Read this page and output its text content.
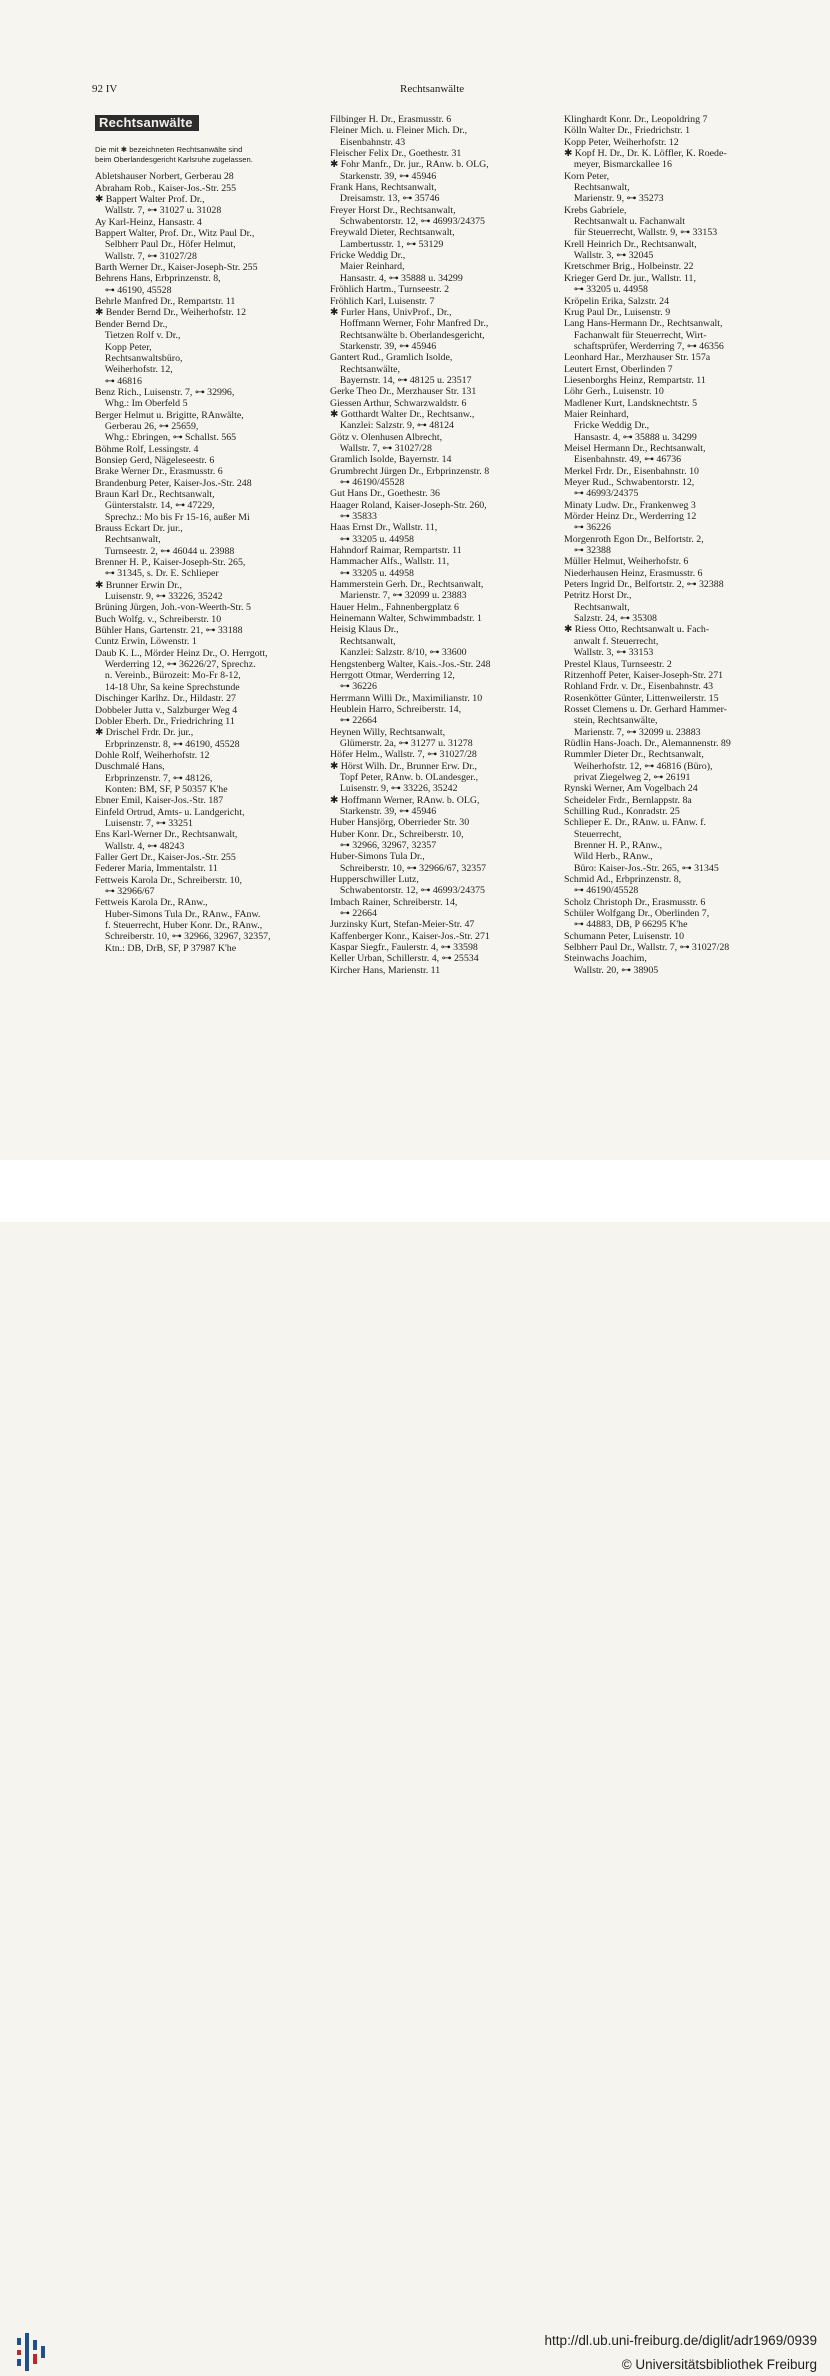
92 IV	Rechtsanwälte
Rechtsanwälte
Die mit ✱ bezeichneten Rechtsanwälte sind
beim Oberlandesgericht Karlsruhe zugelassen.
Abletshauser Norbert, Gerberau 28
Abraham Rob., Kaiser-Jos.-Str. 255
✱ Bappert Walter Prof. Dr.,
Wallstr. 7, ⊶ 31027 u. 31028
Ay Karl-Heinz, Hansastr. 4
Bappert Walter, Prof. Dr., Witz Paul Dr.,
Selbherr Paul Dr., Höfer Helmut,
Wallstr. 7, ⊶ 31027/28
Barth Werner Dr., Kaiser-Joseph-Str. 255
Behrens Hans, Erbprinzenstr. 8,
⊶ 46190, 45528
Behrle Manfred Dr., Rempartstr. 11
✱ Bender Bernd Dr., Weiherhofstr. 12
Bender Bernd Dr.,
Tietzen Rolf v. Dr.,
Kopp Peter,
Rechtsanwaltsbüro,
Weiherhofstr. 12,
⊶ 46816
Benz Rich., Luisenstr. 7, ⊶ 32996,
Whg.: Im Oberfeld 5
Berger Helmut u. Brigitte, RAnwälte,
Gerberau 26, ⊶ 25659,
Whg.: Ebringen, ⊶ Schallst. 565
Böhme Rolf, Lessingstr. 4
Bonsiep Gerd, Nägeleseestr. 6
Brake Werner Dr., Erasmusstr. 6
Brandenburg Peter, Kaiser-Jos.-Str. 248
Braun Karl Dr., Rechtsanwalt,
Günterstalstr. 14, ⊶ 47229,
Sprechz.: Mo bis Fr 15-16, außer Mi
Brauss Eckart Dr. jur.,
Rechtsanwalt,
Turnseestr. 2, ⊶ 46044 u. 23988
Brenner H. P., Kaiser-Joseph-Str. 265,
⊶ 31345, s. Dr. E. Schlieper
✱ Brunner Erwin Dr.,
Luisenstr. 9, ⊶ 33226, 35242
Brüning Jürgen, Joh.-von-Weerth-Str. 5
Buch Wolfg. v., Schreiberstr. 10
Bühler Hans, Gartenstr. 21, ⊶ 33188
Cuntz Erwin, Löwenstr. 1
Daub K. L., Mörder Heinz Dr., O. Herrgott,
Werderring 12, ⊶ 36226/27, Sprechz.
n. Vereinb., Bürozeit: Mo-Fr 8-12,
14-18 Uhr, Sa keine Sprechstunde
Dischinger Karlhz. Dr., Hildastr. 27
Dobbeler Jutta v., Salzburger Weg 4
Dobler Eberh. Dr., Friedrichring 11
✱ Drischel Frdr. Dr. jur.,
Erbprinzenstr. 8, ⊶ 46190, 45528
Dohle Rolf, Weiherhofstr. 12
Duschmalé Hans,
Erbprinzenstr. 7, ⊶ 48126,
Konten: BM, SF, P 50357 K'he
Ebner Emil, Kaiser-Jos.-Str. 187
Einfeld Ortrud, Amts- u. Landgericht,
Luisenstr. 7, ⊶ 33251
Ens Karl-Werner Dr., Rechtsanwalt,
Wallstr. 4, ⊶ 48243
Faller Gert Dr., Kaiser-Jos.-Str. 255
Federer Maria, Immentalstr. 11
Fettweis Karola Dr., Schreiberstr. 10,
⊶ 32966/67
Fettweis Karola Dr., RAnw.,
Huber-Simons Tula Dr., RAnw., FAnw.
f. Steuerrecht, Huber Konr. Dr., RAnw.,
Schreiberstr. 10, ⊶ 32966, 32967, 32357,
Ktn.: DB, DrB, SF, P 37987 K'he
Filbinger H. Dr., Erasmusstr. 6
Fleiner Mich. u. Fleiner Mich. Dr.,
Eisenbahnstr. 43
Fleischer Felix Dr., Goethestr. 31
✱ Fohr Manfr., Dr. jur., RAnw. b. OLG,
Starkenstr. 39, ⊶ 45946
Frank Hans, Rechtsanwalt,
Dreisamstr. 13, ⊶ 35746
Freyer Horst Dr., Rechtsanwalt,
Schwabentorstr. 12, ⊶ 46993/24375
Freywald Dieter, Rechtsanwalt,
Lambertusstr. 1, ⊶ 53129
Fricke Weddig Dr.,
Maier Reinhard,
Hansastr. 4, ⊶ 35888 u. 34299
Fröhlich Hartm., Turnseestr. 2
Fröhlich Karl, Luisenstr. 7
✱ Furler Hans, UnivProf., Dr.,
Hoffmann Werner, Fohr Manfred Dr.,
Rechtsanwälte b. Oberlandesgericht,
Starkenstr. 39, ⊶ 45946
Gantert Rud., Gramlich Isolde,
Rechtsanwälte,
Bayernstr. 14, ⊶ 48125 u. 23517
Gerke Theo Dr., Merzhauser Str. 131
Giessen Arthur, Schwarzwaldstr. 6
✱ Gotthardt Walter Dr., Rechtsanw.,
Kanzlei: Salzstr. 9, ⊶ 48124
Götz v. Olenhusen Albrecht,
Wallstr. 7, ⊶ 31027/28
Gramlich Isolde, Bayernstr. 14
Grumbrecht Jürgen Dr., Erbprinzenstr. 8
⊶ 46190/45528
Gut Hans Dr., Goethestr. 36
Haager Roland, Kaiser-Joseph-Str. 260,
⊶ 35833
Haas Ernst Dr., Wallstr. 11,
⊶ 33205 u. 44958
Hahndorf Raimar, Rempartstr. 11
Hammacher Alfs., Wallstr. 11,
⊶ 33205 u. 44958
Hammerstein Gerh. Dr., Rechtsanwalt,
Marienstr. 7, ⊶ 32099 u. 23883
Hauer Helm., Fahnenbergplatz 6
Heinemann Walter, Schwimmbadstr. 1
Heisig Klaus Dr.,
Rechtsanwalt,
Kanzlei: Salzstr. 8/10, ⊶ 33600
Hengstenberg Walter, Kais.-Jos.-Str. 248
Herrgott Otmar, Werderring 12,
⊶ 36226
Herrmann Willi Dr., Maximilianstr. 10
Heublein Harro, Schreiberstr. 14,
⊶ 22664
Heynen Willy, Rechtsanwalt,
Glümerstr. 2a, ⊶ 31277 u. 31278
Höfer Helm., Wallstr. 7, ⊶ 31027/28
✱ Hörst Wilh. Dr., Brunner Erw. Dr.,
Topf Peter, RAnw. b. OLandesger.,
Luisenstr. 9, ⊶ 33226, 35242
✱ Hoffmann Werner, RAnw. b. OLG,
Starkenstr. 39, ⊶ 45946
Huber Hansjörg, Oberrieder Str. 30
Huber Konr. Dr., Schreiberstr. 10,
⊶ 32966, 32967, 32357
Huber-Simons Tula Dr.,
Schreiberstr. 10, ⊶ 32966/67, 32357
Hupperschwiller Lutz,
Schwabentorstr. 12, ⊶ 46993/24375
Imbach Rainer, Schreiberstr. 14,
⊶ 22664
Jurzinsky Kurt, Stefan-Meier-Str. 47
Kaffenberger Konr., Kaiser-Jos.-Str. 271
Kaspar Siegfr., Faulerstr. 4, ⊶ 33598
Keller Urban, Schillerstr. 4, ⊶ 25534
Kircher Hans, Marienstr. 11
Klinghardt Konr. Dr., Leopoldring 7
Kölln Walter Dr., Friedrichstr. 1
Kopp Peter, Weiherhofstr. 12
✱ Kopf H. Dr., Dr. K. Löffler, K. Roede-
meyer, Bismarckallee 16
Korn Peter,
Rechtsanwalt,
Marienstr. 9, ⊶ 35273
Krebs Gabriele,
Rechtsanwalt u. Fachanwalt
für Steuerrecht, Wallstr. 9, ⊶ 33153
Krell Heinrich Dr., Rechtsanwalt,
Wallstr. 3, ⊶ 32045
Kretschmer Brig., Holbeinstr. 22
Krieger Gerd Dr. jur., Wallstr. 11,
⊶ 33205 u. 44958
Kröpelin Erika, Salzstr. 24
Krug Paul Dr., Luisenstr. 9
Lang Hans-Hermann Dr., Rechtsanwalt,
Fachanwalt für Steuerrecht, Wirt-
schaftsprüfer, Werderring 7, ⊶ 46356
Leonhard Har., Merzhauser Str. 157a
Leutert Ernst, Oberlinden 7
Liesenborghs Heinz, Rempartstr. 11
Löhr Gerh., Luisenstr. 10
Madlener Kurt, Landsknechtstr. 5
Maier Reinhard,
Fricke Weddig Dr.,
Hansastr. 4, ⊶ 35888 u. 34299
Meisel Hermann Dr., Rechtsanwalt,
Eisenbahnstr. 49, ⊶ 46736
Merkel Frdr. Dr., Eisenbahnstr. 10
Meyer Rud., Schwabentorstr. 12,
⊶ 46993/24375
Minaty Ludw. Dr., Frankenweg 3
Mörder Heinz Dr., Werderring 12
⊶ 36226
Morgenroth Egon Dr., Belfortstr. 2,
⊶ 32388
Müller Helmut, Weiherhofstr. 6
Niederhausen Heinz, Erasmusstr. 6
Peters Ingrid Dr., Belfortstr. 2, ⊶ 32388
Petritz Horst Dr.,
Rechtsanwalt,
Salzstr. 24, ⊶ 35308
✱ Riess Otto, Rechtsanwalt u. Fach-
anwalt f. Steuerrecht,
Wallstr. 3, ⊶ 33153
Prestel Klaus, Turnseestr. 2
Ritzenhoff Peter, Kaiser-Joseph-Str. 271
Rohland Frdr. v. Dr., Eisenbahnstr. 43
Rosenkötter Günter, Littenweilerstr. 15
Rosset Clemens u. Dr. Gerhard Hammer-
stein, Rechtsanwälte,
Marienstr. 7, ⊶ 32099 u. 23883
Rüdlin Hans-Joach. Dr., Alemannenstr. 89
Rummler Dieter Dr., Rechtsanwalt,
Weiherhofstr. 12, ⊶ 46816 (Büro),
privat Ziegelweg 2, ⊶ 26191
Rynski Werner, Am Vogelbach 24
Scheideler Frdr., Bernlappstr. 8a
Schilling Rud., Konradstr. 25
Schlieper E. Dr., RAnw. u. FAnw. f.
Steuerrecht,
Brenner H. P., RAnw.,
Wild Herb., RAnw.,
Büro: Kaiser-Jos.-Str. 265, ⊶ 31345
Schmid Ad., Erbprinzenstr. 8,
⊶ 46190/45528
Scholz Christoph Dr., Erasmusstr. 6
Schüler Wolfgang Dr., Oberlinden 7,
⊶ 44883, DB, P 66295 K'he
Schumann Peter, Luisenstr. 10
Selbherr Paul Dr., Wallstr. 7, ⊶ 31027/28
Steinwachs Joachim,
Wallstr. 20, ⊶ 38905
http://dl.ub.uni-freiburg.de/diglit/adr1969/0939
© Universitätsbibliothek Freiburg
